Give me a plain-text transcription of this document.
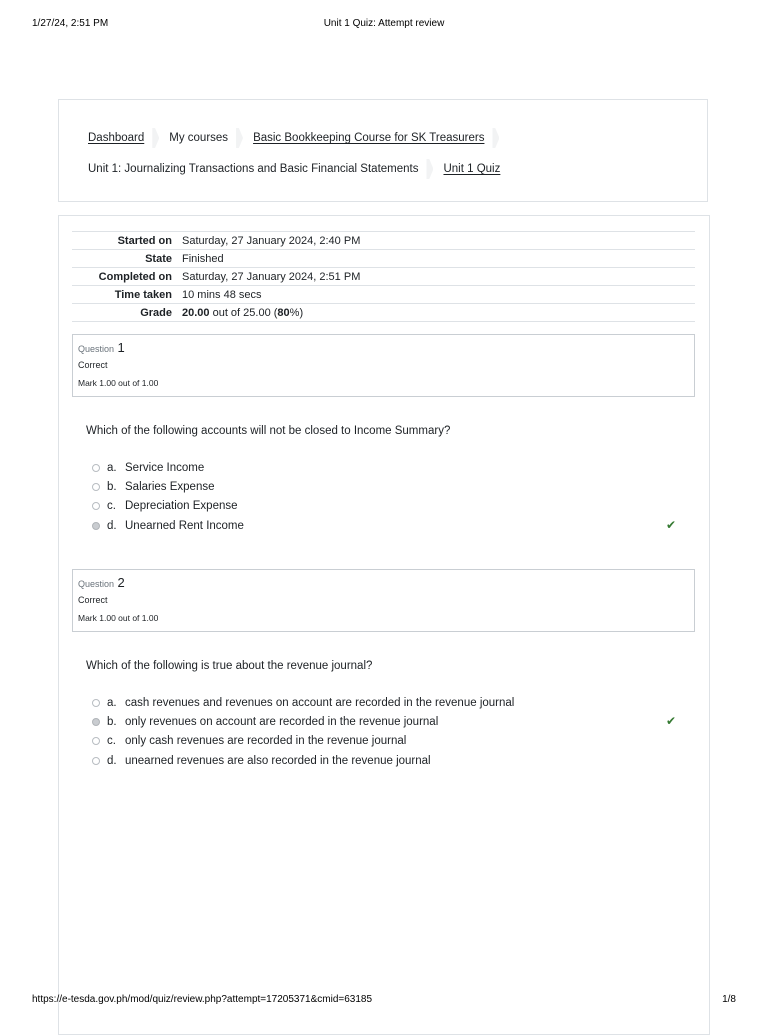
1/27/24, 2:51 PM	Unit 1 Quiz: Attempt review
Dashboard My courses Basic Bookkeeping Course for SK Treasurers
Unit 1: Journalizing Transactions and Basic Financial Statements Unit 1 Quiz
Started on	Saturday, 27 January 2024, 2:40 PM
State	Finished
Completed on	Saturday, 27 January 2024, 2:51 PM
Time taken	10 mins 48 secs
Grade	20.00 out of 25.00 (80%)
Question 1
Correct
Mark 1.00 out of 1.00
Which of the following accounts will not be closed to Income Summary?
a. Service Income
b. Salaries Expense
c. Depreciation Expense
d. Unearned Rent Income	✔
Question 2
Correct
Mark 1.00 out of 1.00
Which of the following is true about the revenue journal?
a. cash revenues and revenues on account are recorded in the revenue journal
b. only revenues on account are recorded in the revenue journal	✔
c. only cash revenues are recorded in the revenue journal
d. unearned revenues are also recorded in the revenue journal
https://e-tesda.gov.ph/mod/quiz/review.php?attempt=17205371&cmid=63185	1/8
